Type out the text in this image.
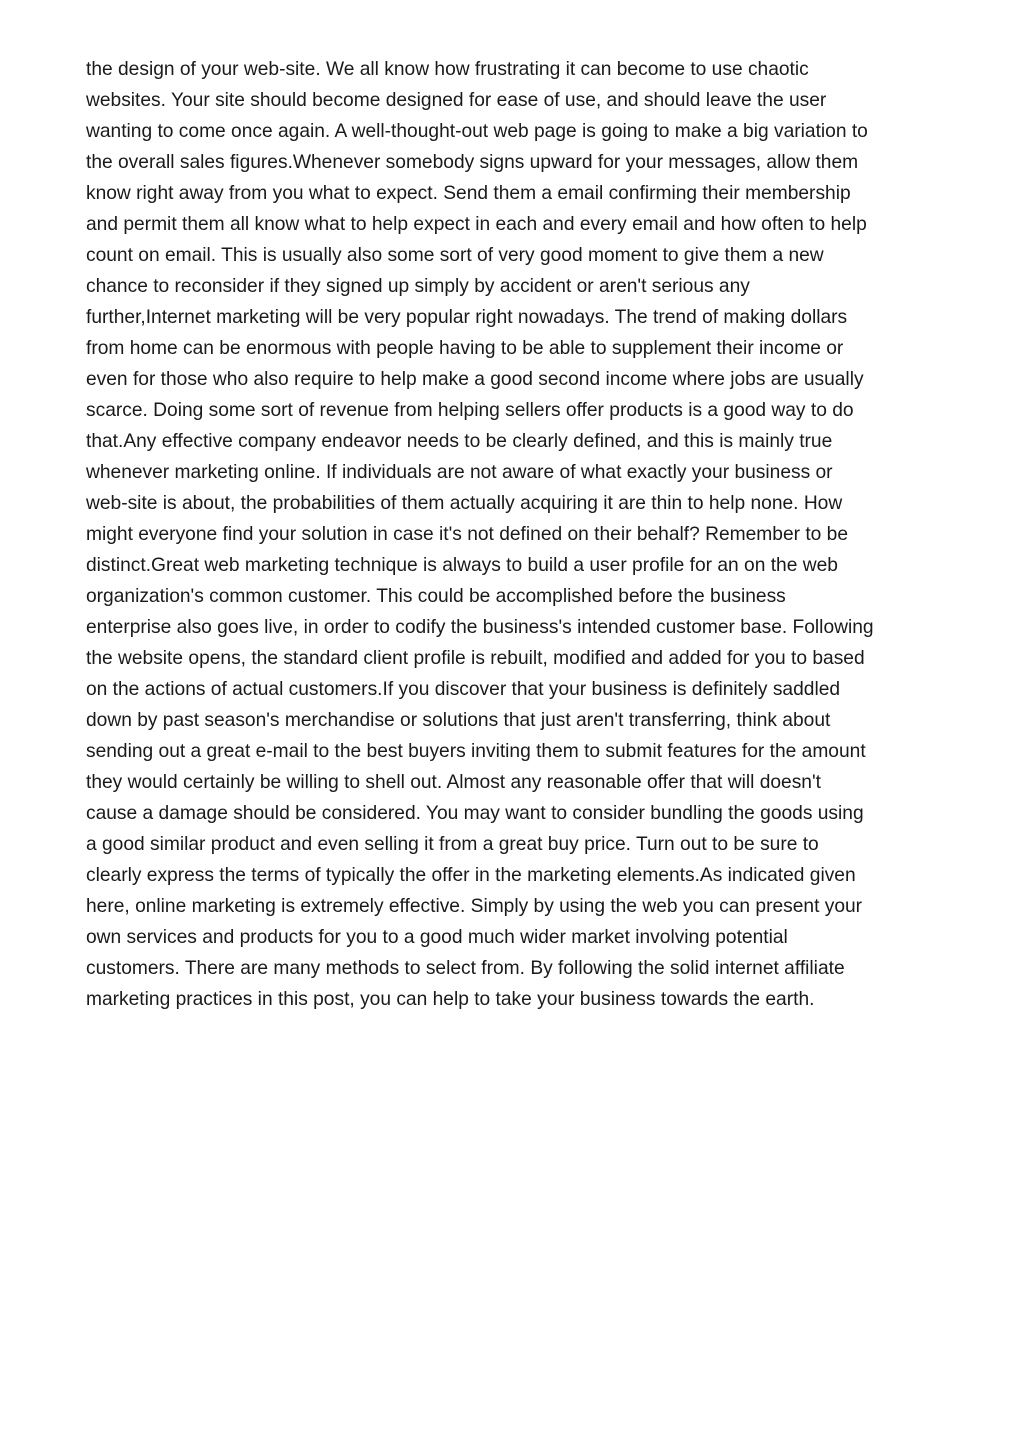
the design of your web-site. We all know how frustrating it can become to use chaotic
websites. Your site should become designed for ease of use, and should leave the user
wanting to come once again. A well-thought-out web page is going to make a big variation to
the overall sales figures.Whenever somebody signs upward for your messages, allow them
know right away from you what to expect. Send them a email confirming their membership
and permit them all know what to help expect in each and every email and how often to help
count on email. This is usually also some sort of very good moment to give them a new
chance to reconsider if they signed up simply by accident or aren't serious any
further,Internet marketing will be very popular right nowadays. The trend of making dollars
from home can be enormous with people having to be able to supplement their income or
even for those who also require to help make a good second income where jobs are usually
scarce. Doing some sort of revenue from helping sellers offer products is a good way to do
that.Any effective company endeavor needs to be clearly defined, and this is mainly true
whenever marketing online. If individuals are not aware of what exactly your business or
web-site is about, the probabilities of them actually acquiring it are thin to help none. How
might everyone find your solution in case it's not defined on their behalf? Remember to be
distinct.Great web marketing technique is always to build a user profile for an on the web
organization's common customer. This could be accomplished before the business
enterprise also goes live, in order to codify the business's intended customer base. Following
the website opens, the standard client profile is rebuilt, modified and added for you to based
on the actions of actual customers.If you discover that your business is definitely saddled
down by past season's merchandise or solutions that just aren't transferring, think about
sending out a great e-mail to the best buyers inviting them to submit features for the amount
they would certainly be willing to shell out. Almost any reasonable offer that will doesn't
cause a damage should be considered. You may want to consider bundling the goods using
a good similar product and even selling it from a great buy price. Turn out to be sure to
clearly express the terms of typically the offer in the marketing elements.As indicated given
here, online marketing is extremely effective. Simply by using the web you can present your
own services and products for you to a good much wider market involving potential
customers. There are many methods to select from. By following the solid internet affiliate
marketing practices in this post, you can help to take your business towards the earth.
